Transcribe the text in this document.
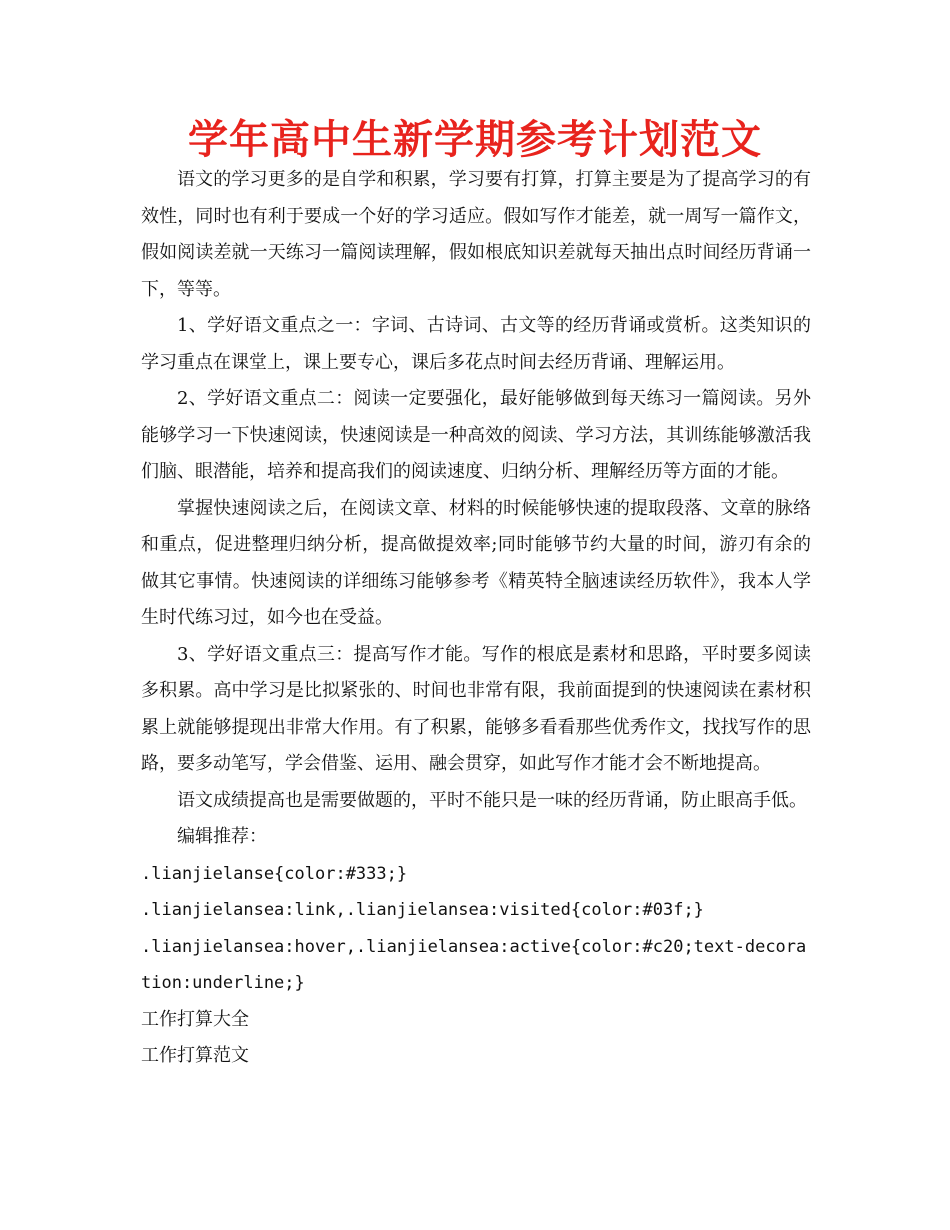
学年高中生新学期参考计划范文

语文的学习更多的是自学和积累，学习要有打算，打算主要是为了提高学习的有效性，同时也有利于要成一个好的学习适应。假如写作才能差，就一周写一篇作文，假如阅读差就一天练习一篇阅读理解，假如根底知识差就每天抽出点时间经历背诵一下，等等。

1、学好语文重点之一：字词、古诗词、古文等的经历背诵或赏析。这类知识的学习重点在课堂上，课上要专心，课后多花点时间去经历背诵、理解运用。

2、学好语文重点二：阅读一定要强化，最好能够做到每天练习一篇阅读。另外能够学习一下快速阅读，快速阅读是一种高效的阅读、学习方法，其训练能够激活我们脑、眼潜能，培养和提高我们的阅读速度、归纳分析、理解经历等方面的才能。

掌握快速阅读之后，在阅读文章、材料的时候能够快速的提取段落、文章的脉络和重点，促进整理归纳分析，提高做提效率;同时能够节约大量的时间，游刃有余的做其它事情。快速阅读的详细练习能够参考《精英特全脑速读经历软件》，我本人学生时代练习过，如今也在受益。

3、学好语文重点三：提高写作才能。写作的根底是素材和思路，平时要多阅读多积累。高中学习是比拟紧张的、时间也非常有限，我前面提到的快速阅读在素材积累上就能够提现出非常大作用。有了积累，能够多看看那些优秀作文，找找写作的思路，要多动笔写，学会借鉴、运用、融会贯穿，如此写作才能才会不断地提高。

语文成绩提高也是需要做题的，平时不能只是一味的经历背诵，防止眼高手低。

编辑推荐：

.lianjielanse{color:#333;}

.lianjielansea:link,.lianjielansea:visited{color:#03f;}

.lianjielansea:hover,.lianjielansea:active{color:#c20;text-decoration:underline;}

工作打算大全

工作打算范文
